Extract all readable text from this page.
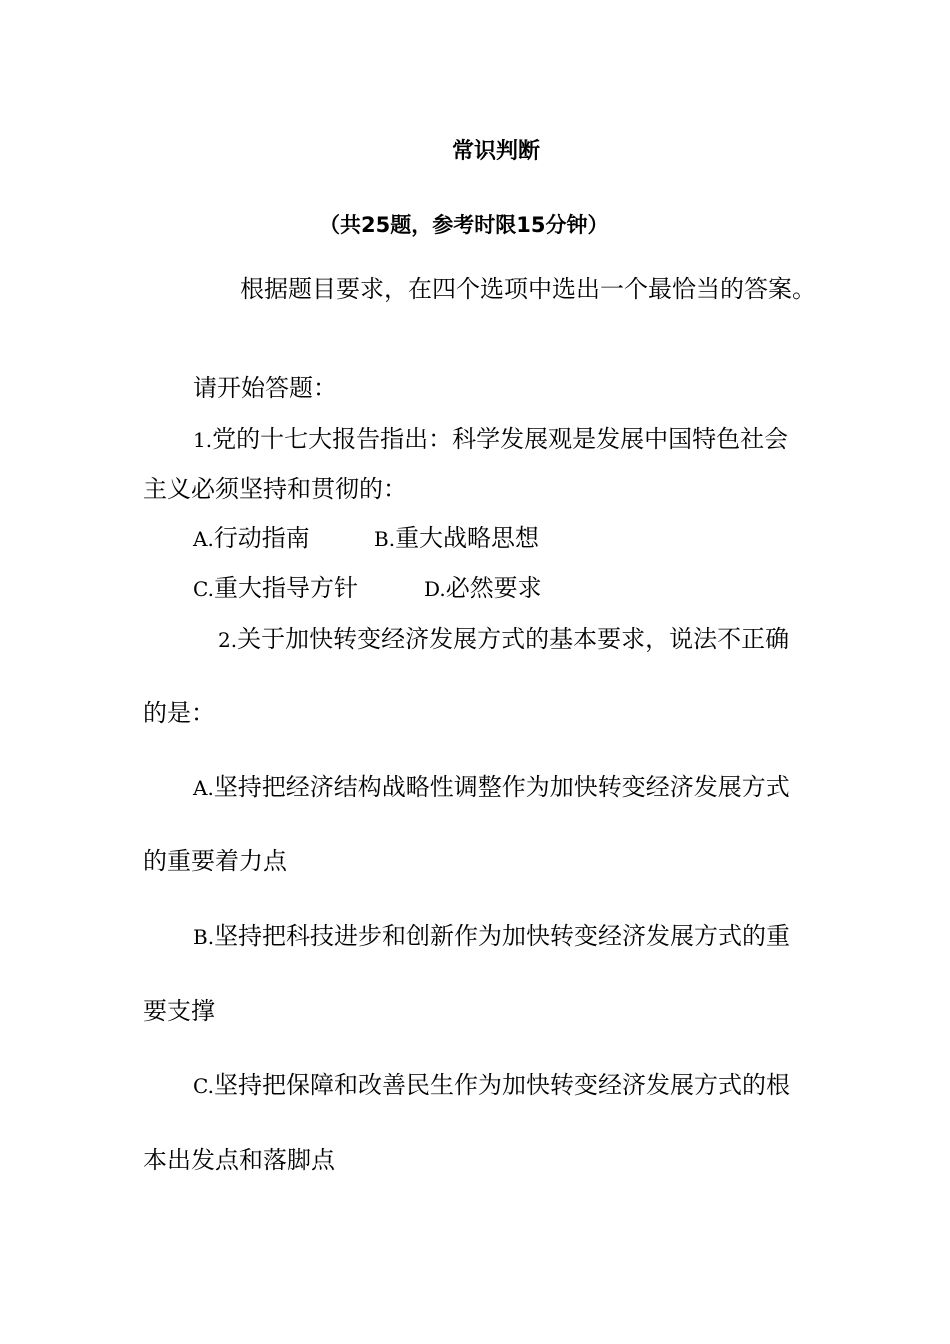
常识判断
（共25题，参考时限15分钟）
根据题目要求，在四个选项中选出一个最恰当的答案。
请开始答题：
1.党的十七大报告指出：科学发展观是发展中国特色社会
主义必须坚持和贯彻的：
A.行动指南	B.重大战略思想
C.重大指导方针	D.必然要求
2.关于加快转变经济发展方式的基本要求，说法不正确
的是：
A.坚持把经济结构战略性调整作为加快转变经济发展方式
的重要着力点
B.坚持把科技进步和创新作为加快转变经济发展方式的重
要支撑
C.坚持把保障和改善民生作为加快转变经济发展方式的根
本出发点和落脚点
